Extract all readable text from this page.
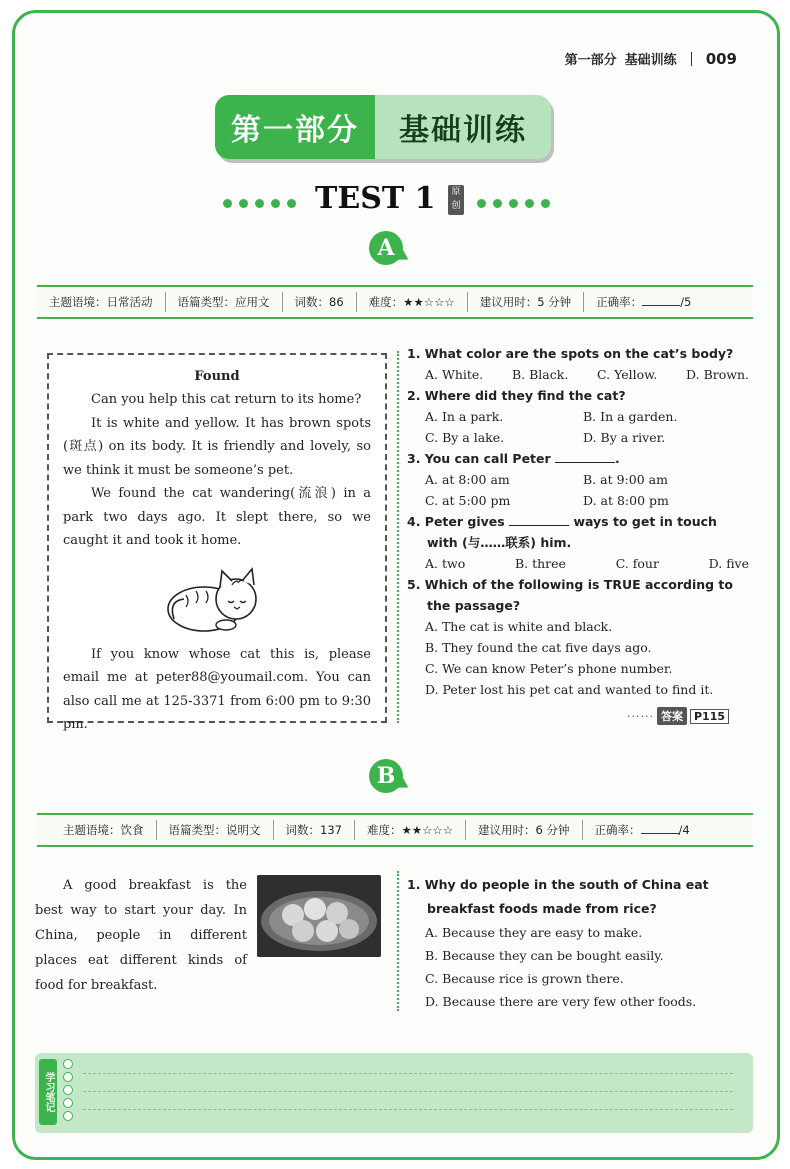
第一部分 基础训练 009
第一部分	基础训练
TEST 1	原创
A
主题语境：日常活动	语篇类型：应用文	词数：86	难度：★★☆☆☆	建议用时：5 分钟	正确率：	/5
Found

Can you help this cat return to its home?

It is white and yellow. It has brown spots (斑点) on its body. It is friendly and lovely, so we think it must be someone’s pet.

We found the cat wandering(流浪) in a park two days ago. It slept there, so we caught it and took it home.

If you know whose cat this is, please email me at peter88@youmail.com. You can also call me at 125-3371 from 6:00 pm to 9:30 pm.

1. What color are the spots on the cat’s body?
A. White. B. Black. C. Yellow. D. Brown.
2. Where did they find the cat?
A. In a park.	B. In a garden.
C. By a lake.	D. By a river.
3. You can call Peter	.
A. at 8:00 am	B. at 9:00 am
C. at 5:00 pm	D. at 8:00 pm
4. Peter gives	ways to get in touch with (与……联系) him.
A. two	B. three	C. four	D. five
5. Which of the following is TRUE according to the passage?
A. The cat is white and black.
B. They found the cat five days ago.
C. We can know Peter’s phone number.
D. Peter lost his pet cat and wanted to find it.
······ 答案	P115
B
主题语境：饮食	语篇类型：说明文	词数：137	难度：★★☆☆☆	建议用时：6 分钟	正确率：	/4

A good breakfast is the best way to start your day. In China, people in different places eat different kinds of food for breakfast.

1. Why do people in the south of China eat breakfast foods made from rice?
A. Because they are easy to make.
B. Because they can be bought easily.
C. Because rice is grown there.
D. Because there are very few other foods.
学习笔记
